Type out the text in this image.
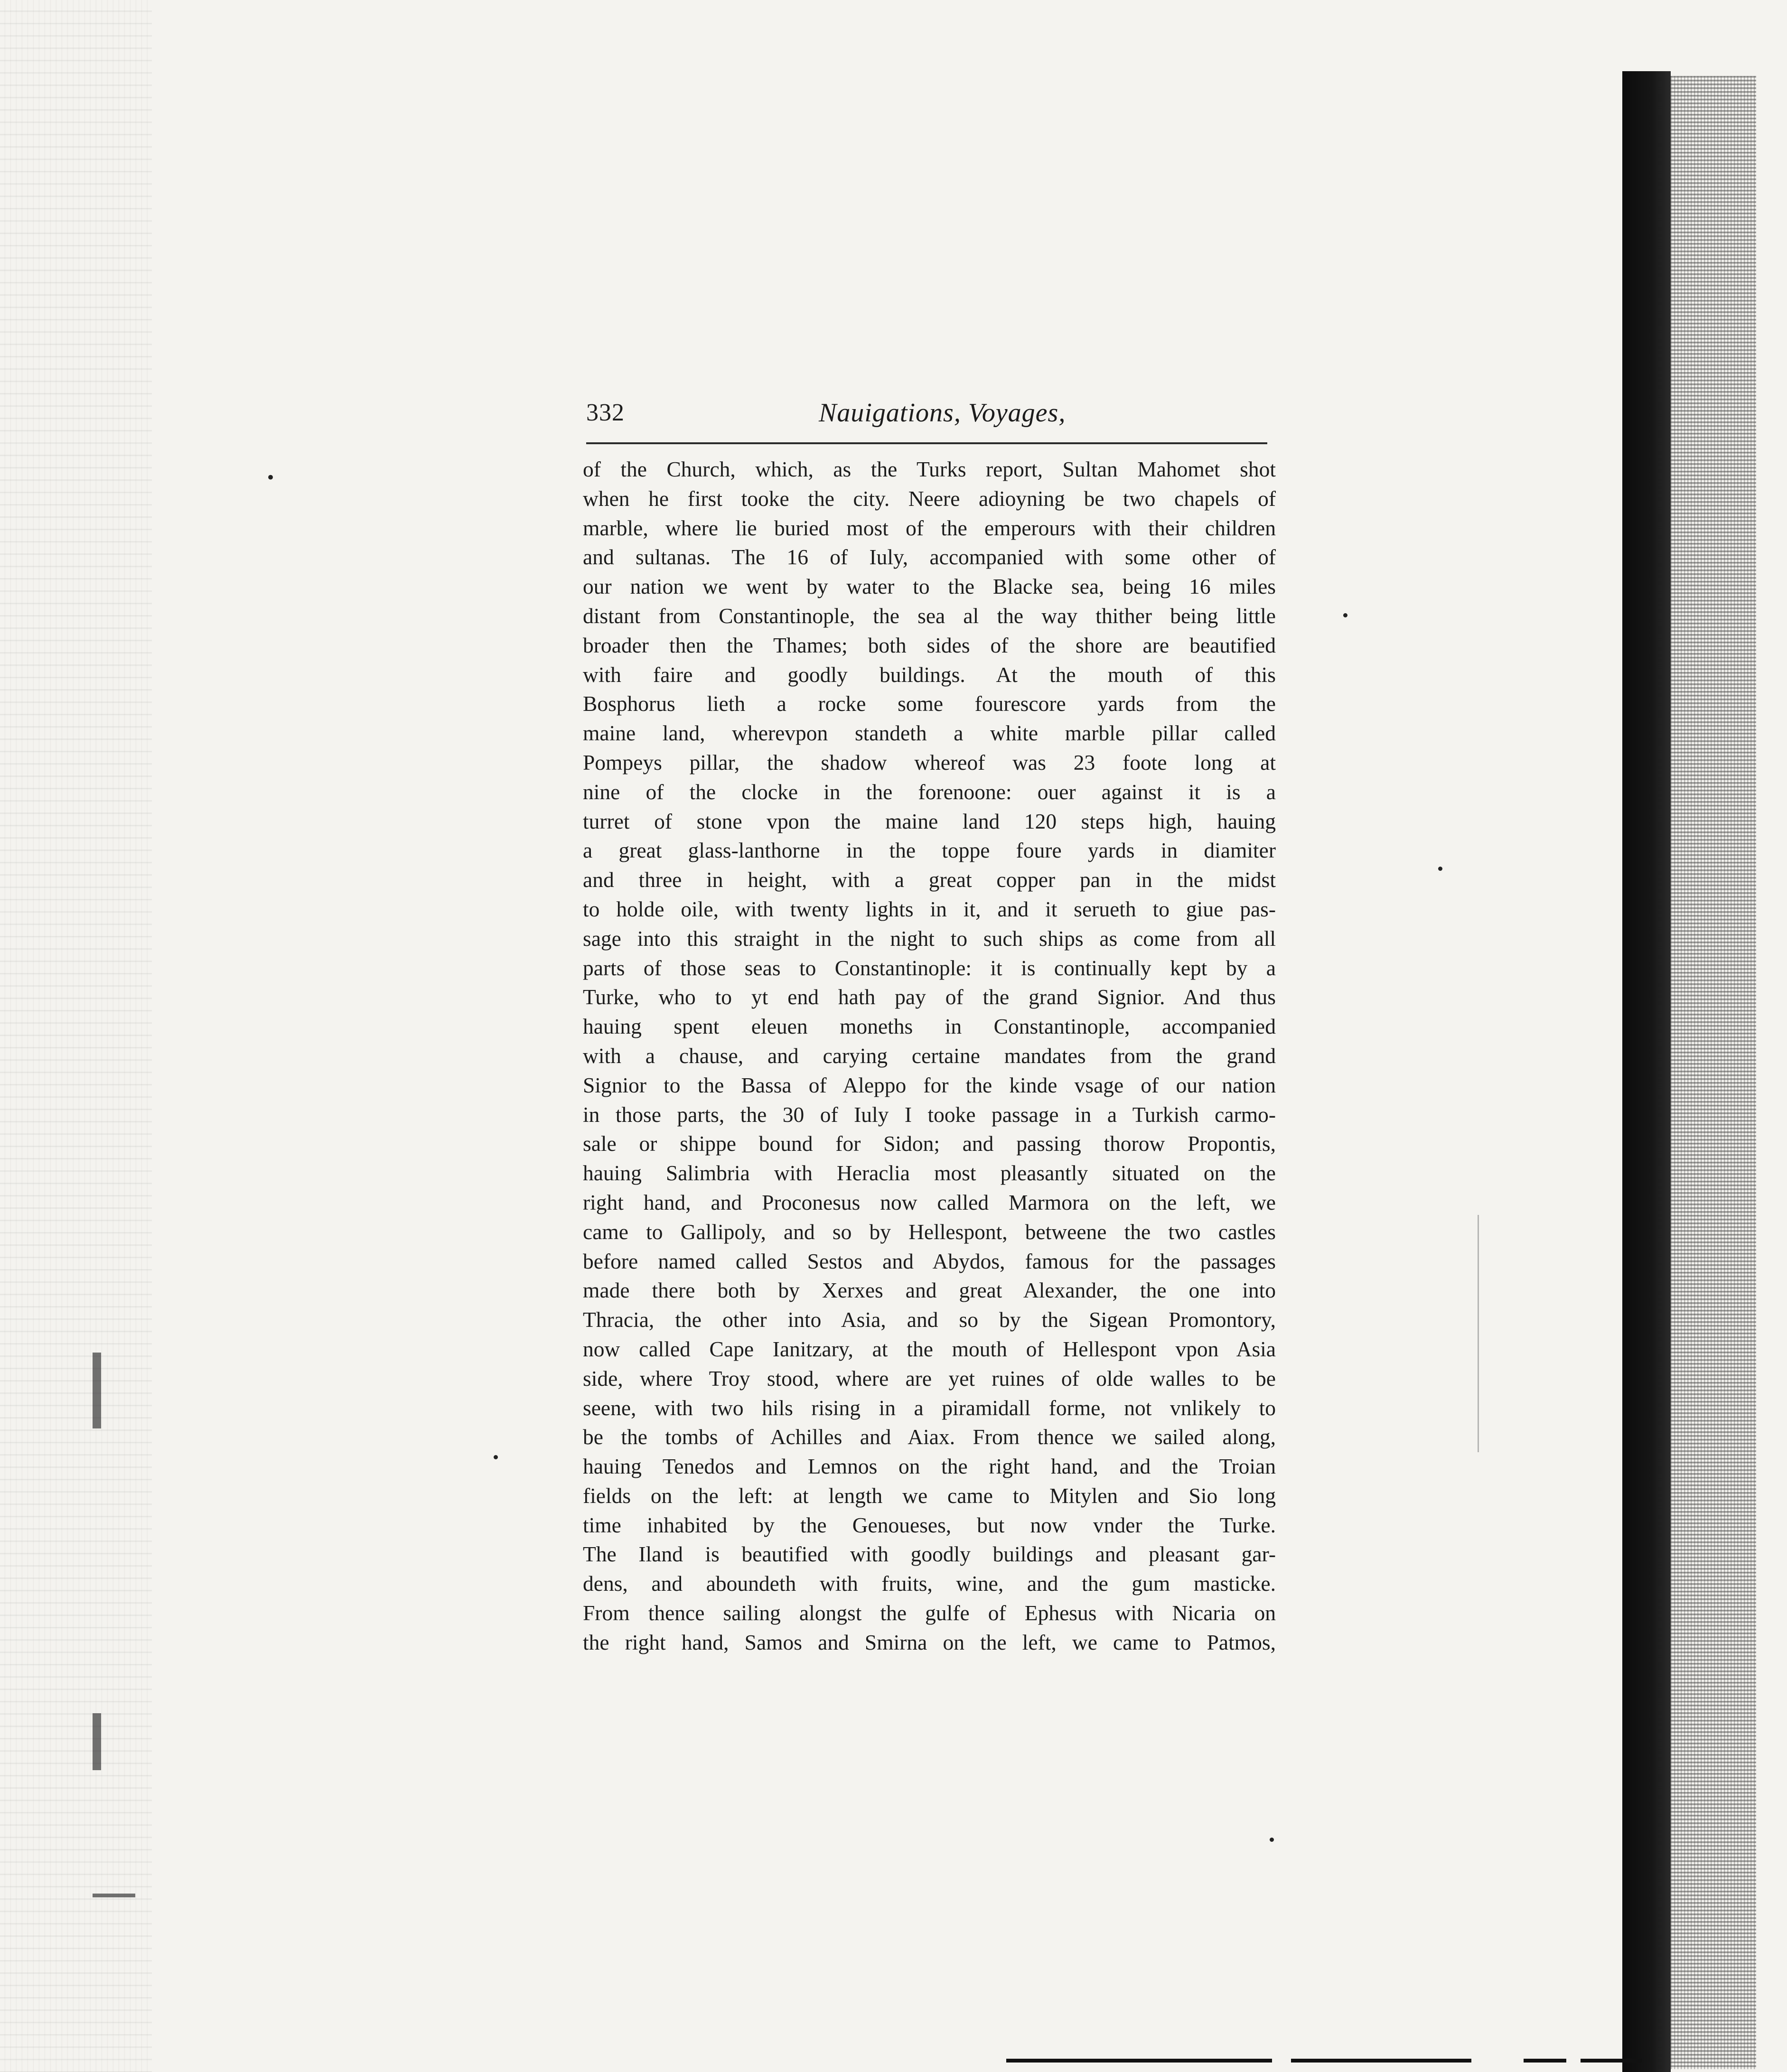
•
332	Nauigations, Voyages,
of the Church, which, as the Turks report, Sultan Mahomet shot
when he first tooke the city. Neere adioyning be two chapels of
marble, where lie buried most of the emperours with their children
and sultanas. The 16 of Iuly, accompanied with some other of
our nation we went by water to the Blacke sea, being 16 miles
distant from Constantinople, the sea al the way thither being little
broader then the Thames; both sides of the shore are beautified
with faire and goodly buildings. At the mouth of this
Bosphorus lieth a rocke some fourescore yards from the
maine land, wherevpon standeth a white marble pillar called
Pompeys pillar, the shadow whereof was 23 foote long at
nine of the clocke in the forenoone: ouer against it is a
turret of stone vpon the maine land 120 steps high, hauing
a great glass-lanthorne in the toppe foure yards in diamiter
and three in height, with a great copper pan in the midst
to holde oile, with twenty lights in it, and it serueth to giue pas-
sage into this straight in the night to such ships as come from all
parts of those seas to Constantinople: it is continually kept by a
Turke, who to yt end hath pay of the grand Signior. And thus
hauing spent eleuen moneths in Constantinople, accompanied
with a chause, and carying certaine mandates from the grand
Signior to the Bassa of Aleppo for the kinde vsage of our nation
in those parts, the 30 of Iuly I tooke passage in a Turkish carmo-
sale or shippe bound for Sidon; and passing thorow Propontis,
hauing Salimbria with Heraclia most pleasantly situated on the
right hand, and Proconesus now called Marmora on the left, we
came to Gallipoly, and so by Hellespont, betweene the two castles
before named called Sestos and Abydos, famous for the passages
made there both by Xerxes and great Alexander, the one into
Thracia, the other into Asia, and so by the Sigean Promontory,
now called Cape Ianitzary, at the mouth of Hellespont vpon Asia
side, where Troy stood, where are yet ruines of olde walles to be
seene, with two hils rising in a piramidall forme, not vnlikely to
be the tombs of Achilles and Aiax. From thence we sailed along,
hauing Tenedos and Lemnos on the right hand, and the Troian
fields on the left: at length we came to Mitylen and Sio long
time inhabited by the Genoueses, but now vnder the Turke.
The Iland is beautified with goodly buildings and pleasant gar-
dens, and aboundeth with fruits, wine, and the gum masticke.
From thence sailing alongst the gulfe of Ephesus with Nicaria on
the right hand, Samos and Smirna on the left, we came to Patmos,
